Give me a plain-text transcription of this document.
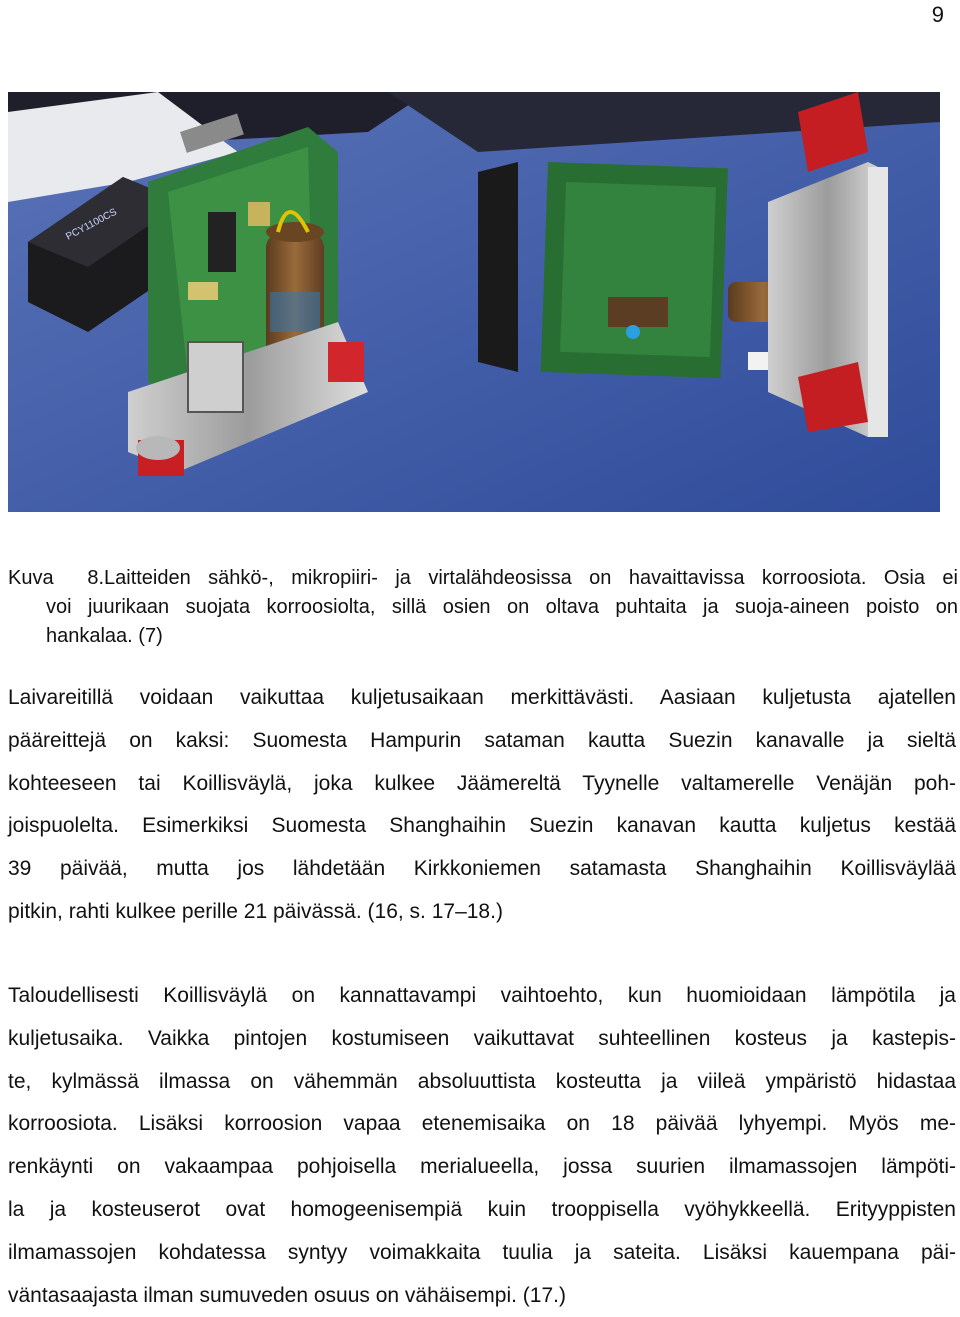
9
PCY1100CS
Kuva 8.Laitteiden sähkö-, mikropiiri- ja virtalähdeosissa on havaittavissa korroosiota. Osia ei
voi juurikaan suojata korroosiolta, sillä osien on oltava puhtaita ja suoja-aineen poisto on
hankalaa. (7)
Laivareitillä voidaan vaikuttaa kuljetusaikaan merkittävästi. Aasiaan kuljetusta ajatellen
pääreittejä on kaksi: Suomesta Hampurin sataman kautta Suezin kanavalle ja sieltä
kohteeseen tai Koillisväylä, joka kulkee Jäämereltä Tyynelle valtamerelle Venäjän poh-
joispuolelta. Esimerkiksi Suomesta Shanghaihin Suezin kanavan kautta kuljetus kestää
39 päivää, mutta jos lähdetään Kirkkoniemen satamasta Shanghaihin Koillisväylää
pitkin, rahti kulkee perille 21 päivässä. (16, s. 17–18.)
Taloudellisesti Koillisväylä on kannattavampi vaihtoehto, kun huomioidaan lämpötila ja
kuljetusaika. Vaikka pintojen kostumiseen vaikuttavat suhteellinen kosteus ja kastepis-
te, kylmässä ilmassa on vähemmän absoluuttista kosteutta ja viileä ympäristö hidastaa
korroosiota. Lisäksi korroosion vapaa etenemisaika on 18 päivää lyhyempi. Myös me-
renkäynti on vakaampaa pohjoisella merialueella, jossa suurien ilmamassojen lämpöti-
la ja kosteuserot ovat homogeenisempiä kuin trooppisella vyöhykkeellä. Erityyppisten
ilmamassojen kohdatessa syntyy voimakkaita tuulia ja sateita. Lisäksi kauempana päi-
väntasaajasta ilman sumuveden osuus on vähäisempi. (17.)
